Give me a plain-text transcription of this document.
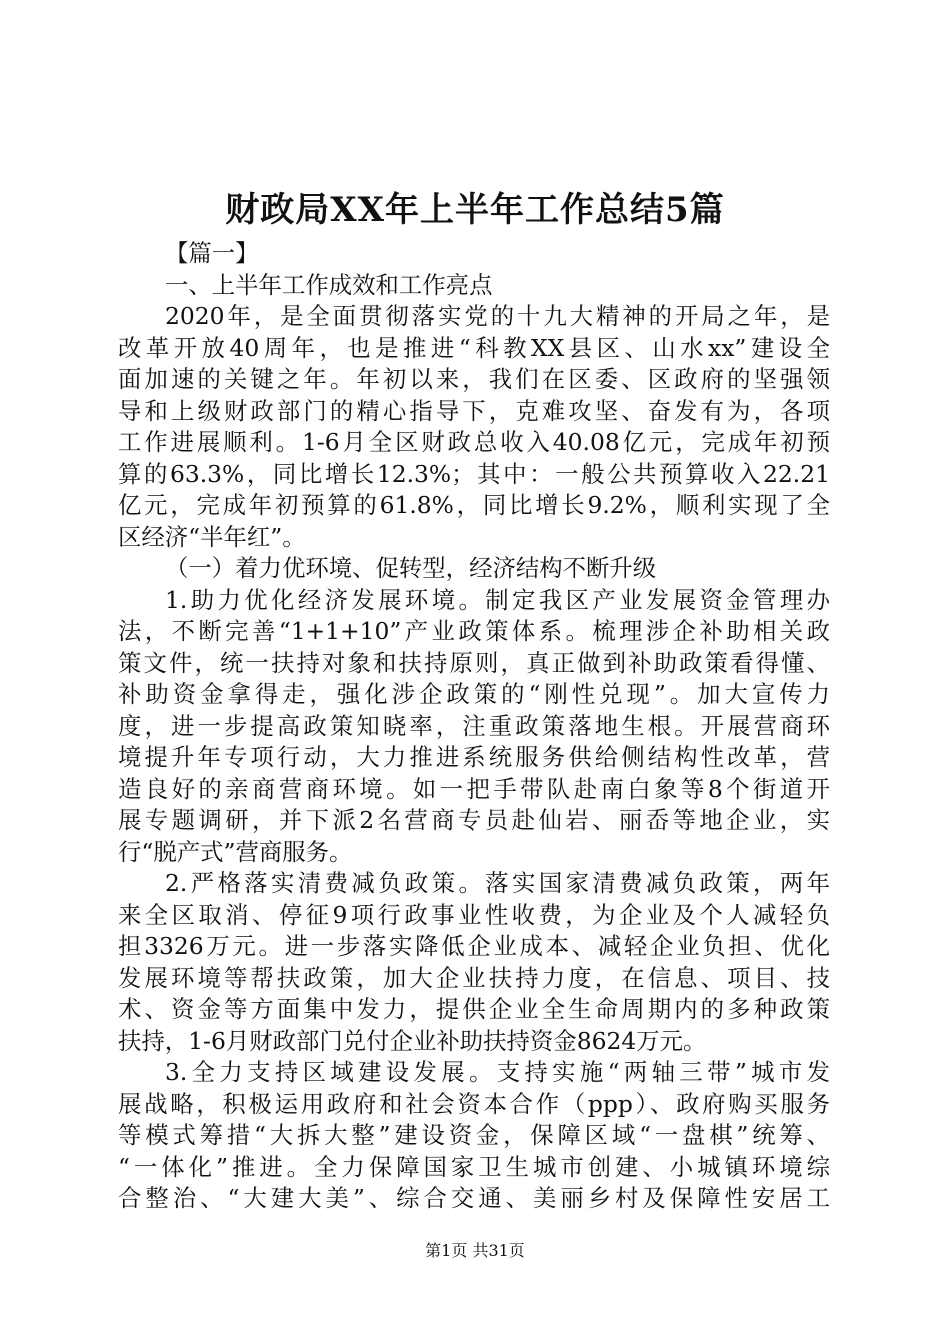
财政局XX年上半年工作总结5篇
【篇一】
一、上半年工作成效和工作亮点
2020年，是全面贯彻落实党的十九大精神的开局之年，是
改革开放40周年，也是推进“科教XX县区、山水xx”建设全
面加速的关键之年。年初以来，我们在区委、区政府的坚强领
导和上级财政部门的精心指导下，克难攻坚、奋发有为，各项
工作进展顺利。1-6月全区财政总收入40.08亿元，完成年初预
算的63.3%，同比增长12.3%；其中：一般公共预算收入22.21
亿元，完成年初预算的61.8%，同比增长9.2%，顺利实现了全
区经济“半年红”。
（一）着力优环境、促转型，经济结构不断升级
1.助力优化经济发展环境。制定我区产业发展资金管理办
法，不断完善“1+1+10”产业政策体系。梳理涉企补助相关政
策文件，统一扶持对象和扶持原则，真正做到补助政策看得懂、
补助资金拿得走，强化涉企政策的“刚性兑现”。加大宣传力
度，进一步提高政策知晓率，注重政策落地生根。开展营商环
境提升年专项行动，大力推进系统服务供给侧结构性改革，营
造良好的亲商营商环境。如一把手带队赴南白象等8个街道开
展专题调研，并下派2名营商专员赴仙岩、丽岙等地企业，实
行“脱产式”营商服务。
2.严格落实清费减负政策。落实国家清费减负政策，两年
来全区取消、停征9项行政事业性收费，为企业及个人减轻负
担3326万元。进一步落实降低企业成本、减轻企业负担、优化
发展环境等帮扶政策，加大企业扶持力度，在信息、项目、技
术、资金等方面集中发力，提供企业全生命周期内的多种政策
扶持，1-6月财政部门兑付企业补助扶持资金8624万元。
3.全力支持区域建设发展。支持实施“两轴三带”城市发
展战略，积极运用政府和社会资本合作（ppp）、政府购买服务
等模式筹措“大拆大整”建设资金，保障区域“一盘棋”统筹、
“一体化”推进。全力保障国家卫生城市创建、小城镇环境综
合整治、“大建大美”、综合交通、美丽乡村及保障性安居工
第1页 共31页
